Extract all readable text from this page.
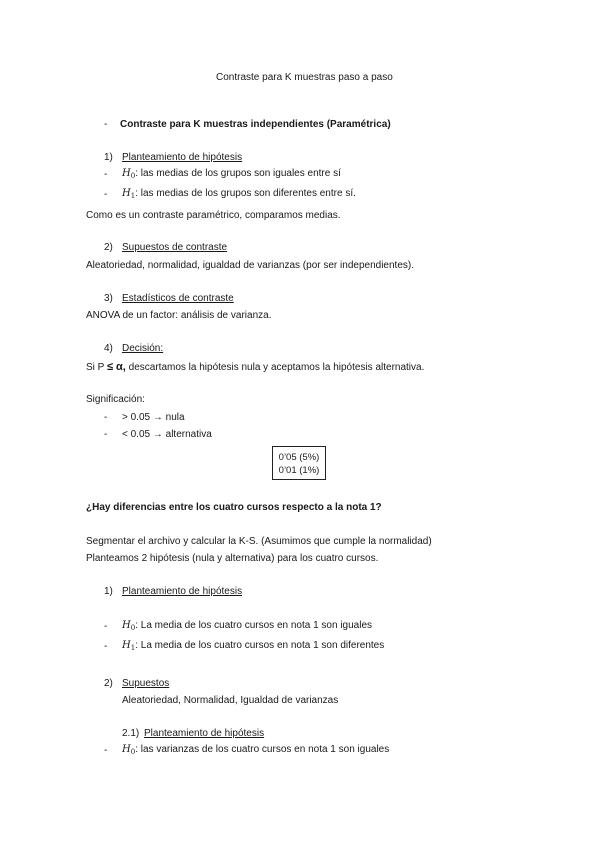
Contraste para K muestras paso a paso
- Contraste para K muestras independientes (Paramétrica)
1) Planteamiento de hipótesis
- $H_0$: las medias de los grupos son iguales entre sí
- $H_1$: las medias de los grupos son diferentes entre sí.
Como es un contraste paramétrico, comparamos medias.
2) Supuestos de contraste
Aleatoriedad, normalidad, igualdad de varianzas (por ser independientes).
3) Estadísticos de contraste
ANOVA de un factor: análisis de varianza.
4) Decisión:
Si P ≤ α, descartamos la hipótesis nula y aceptamos la hipótesis alternativa.
Significación:
- > 0.05 → nula
- < 0.05 → alternativa
0’05 (5%)
0’01 (1%)
¿Hay diferencias entre los cuatro cursos respecto a la nota 1?
Segmentar el archivo y calcular la K-S. (Asumimos que cumple la normalidad)
Planteamos 2 hipótesis (nula y alternativa) para los cuatro cursos.
1) Planteamiento de hipótesis
- $H_0$: La media de los cuatro cursos en nota 1 son iguales
- $H_1$: La media de los cuatro cursos en nota 1 son diferentes
2) Supuestos
Aleatoriedad, Normalidad, Igualdad de varianzas
2.1) Planteamiento de hipótesis
- $H_0$: las varianzas de los cuatro cursos en nota 1 son iguales
